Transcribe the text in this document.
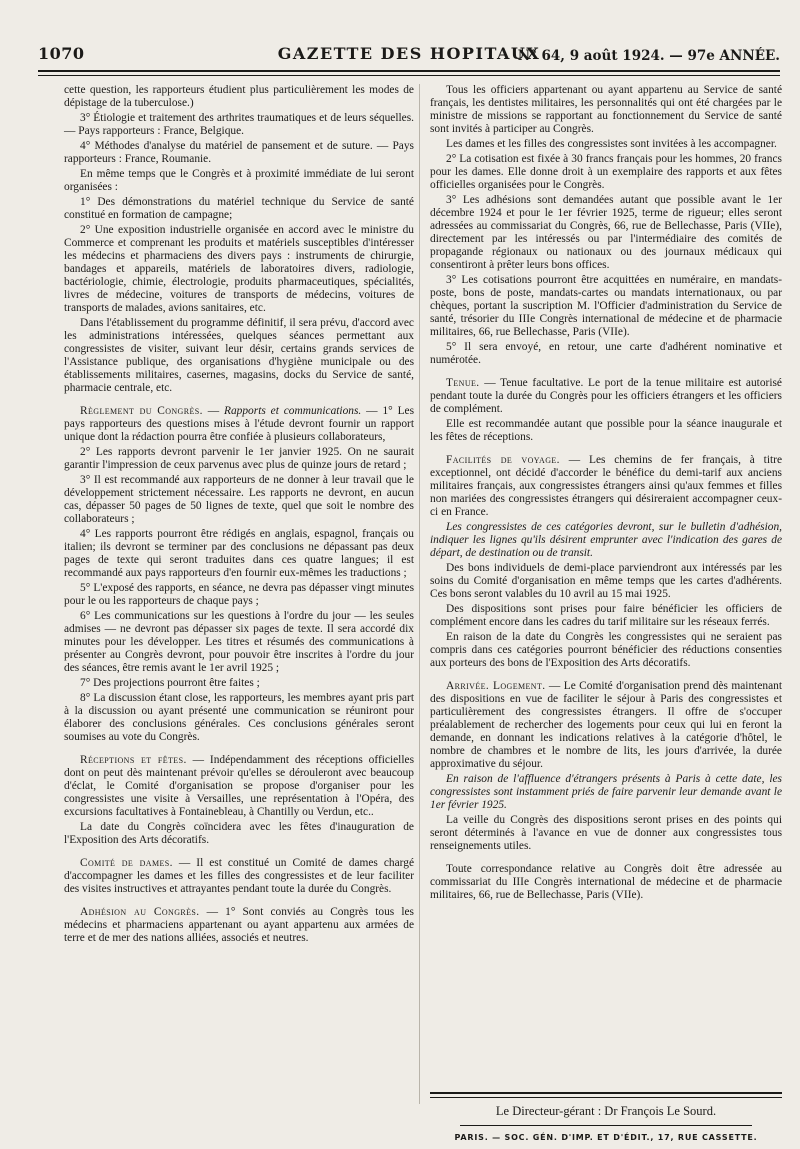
1070	GAZETTE DES HOPITAUX
N° 64, 9 août 1924. — 97e ANNÉE.

cette question, les rapporteurs étudient plus particulièrement les modes de dépistage de la tuberculose.)

3° Étiologie et traitement des arthrites traumatiques et de leurs séquelles. — Pays rapporteurs : France, Belgique.

4° Méthodes d'analyse du matériel de pansement et de suture. — Pays rapporteurs : France, Roumanie.

En même temps que le Congrès et à proximité immédiate de lui seront organisées :

1° Des démonstrations du matériel technique du Service de santé constitué en formation de campagne;

2° Une exposition industrielle organisée en accord avec le ministre du Commerce et comprenant les produits et matériels susceptibles d'intéresser les médecins et pharmaciens des divers pays : instruments de chirurgie, bandages et appareils, matériels de laboratoires divers, radiologie, bactériologie, chimie, électrologie, produits pharmaceutiques, spécialités, livres de médecine, voitures de transports de médecins, voitures de transports de malades, avions sanitaires, etc.

Dans l'établissement du programme définitif, il sera prévu, d'accord avec les administrations intéressées, quelques séances permettant aux congressistes de visiter, suivant leur désir, certains grands services de l'Assistance publique, des organisations d'hygiène municipale ou des établissements militaires, casernes, magasins, docks du Service de santé, pharmacie centrale, etc.

Règlement du Congrès. — Rapports et communications. — 1° Les pays rapporteurs des questions mises à l'étude devront fournir un rapport unique dont la rédaction pourra être confiée à plusieurs collaborateurs,

2° Les rapports devront parvenir le 1er janvier 1925. On ne saurait garantir l'impression de ceux parvenus avec plus de quinze jours de retard ;

3° Il est recommandé aux rapporteurs de ne donner à leur travail que le développement strictement nécessaire. Les rapports ne devront, en aucun cas, dépasser 50 pages de 50 lignes de texte, quel que soit le nombre des collaborateurs ;

4° Les rapports pourront être rédigés en anglais, espagnol, français ou italien; ils devront se terminer par des conclusions ne dépassant pas deux pages de texte qui seront traduites dans ces quatre langues; il est recommandé aux pays rapporteurs d'en fournir eux-mêmes les traductions ;

5° L'exposé des rapports, en séance, ne devra pas dépasser vingt minutes pour le ou les rapporteurs de chaque pays ;

6° Les communications sur les questions à l'ordre du jour — les seules admises — ne devront pas dépasser six pages de texte. Il sera accordé dix minutes pour les développer. Les titres et résumés des communications à présenter au Congrès devront, pour pouvoir être inscrites à l'ordre du jour des séances, être remis avant le 1er avril 1925 ;

7° Des projections pourront être faites ;

8° La discussion étant close, les rapporteurs, les membres ayant pris part à la discussion ou ayant présenté une communication se réuniront pour élaborer des conclusions générales. Ces conclusions générales seront soumises au vote du Congrès.

Réceptions et fêtes. — Indépendamment des réceptions officielles dont on peut dès maintenant prévoir qu'elles se dérouleront avec beaucoup d'éclat, le Comité d'organisation se propose d'organiser pour les congressistes une visite à Versailles, une représentation à l'Opéra, des excursions facultatives à Fontainebleau, à Chantilly ou Verdun, etc..

La date du Congrès coïncidera avec les fêtes d'inauguration de l'Exposition des Arts décoratifs.

Comité de dames. — Il est constitué un Comité de dames chargé d'accompagner les dames et les filles des congressistes et de leur faciliter des visites instructives et attrayantes pendant toute la durée du Congrès.

Adhésion au Congrès. — 1° Sont conviés au Congrès tous les médecins et pharmaciens appartenant ou ayant appartenu aux armées de terre et de mer des nations alliées, associés et neutres.

Tous les officiers appartenant ou ayant appartenu au Service de santé français, les dentistes militaires, les personnalités qui ont été chargées par le ministre de missions se rapportant au fonctionnement du Service de santé sont invités à participer au Congrès.

Les dames et les filles des congressistes sont invitées à les accompagner.

2° La cotisation est fixée à 30 francs français pour les hommes, 20 francs pour les dames. Elle donne droit à un exemplaire des rapports et aux fêtes officielles organisées pour le Congrès.

3° Les adhésions sont demandées autant que possible avant le 1er décembre 1924 et pour le 1er février 1925, terme de rigueur; elles seront adressées au commissariat du Congrès, 66, rue de Bellechasse, Paris (VIIe), directement par les intéressés ou par l'intermédiaire des comités de propagande régionaux ou nationaux ou des journaux médicaux qui consentiront à prêter leurs bons offices.

3° Les cotisations pourront être acquittées en numéraire, en mandats-poste, bons de poste, mandats-cartes ou mandats internationaux, ou par chèques, portant la suscription M. l'Officier d'administration du Service de santé, trésorier du IIIe Congrès international de médecine et de pharmacie militaires, 66, rue Bellechasse, Paris (VIIe).

5° Il sera envoyé, en retour, une carte d'adhérent nominative et numérotée.

Tenue. — Tenue facultative. Le port de la tenue militaire est autorisé pendant toute la durée du Congrès pour les officiers étrangers et les officiers de complément.

Elle est recommandée autant que possible pour la séance inaugurale et les fêtes de réceptions.

Facilités de voyage. — Les chemins de fer français, à titre exceptionnel, ont décidé d'accorder le bénéfice du demi-tarif aux anciens militaires français, aux congressistes étrangers ainsi qu'aux femmes et filles non mariées des congressistes étrangers qui désireraient accompagner ceux-ci en France.

Les congressistes de ces catégories devront, sur le bulletin d'adhésion, indiquer les lignes qu'ils désirent emprunter avec l'indication des gares de départ, de destination ou de transit.

Des bons individuels de demi-place parviendront aux intéressés par les soins du Comité d'organisation en même temps que les cartes d'adhérents. Ces bons seront valables du 10 avril au 15 mai 1925.

Des dispositions sont prises pour faire bénéficier les officiers de complément encore dans les cadres du tarif militaire sur les réseaux ferrés.

En raison de la date du Congrès les congressistes qui ne seraient pas compris dans ces catégories pourront bénéficier des réductions consenties aux porteurs des bons de l'Exposition des Arts décoratifs.

Arrivée. Logement. — Le Comité d'organisation prend dès maintenant des dispositions en vue de faciliter le séjour à Paris des congressistes et particulièrement des congressistes étrangers. Il offre de s'occuper préalablement de rechercher des logements pour ceux qui lui en feront la demande, en donnant les indications relatives à la catégorie d'hôtel, le nombre de chambres et le nombre de lits, les jours d'arrivée, la durée approximative du séjour.

En raison de l'affluence d'étrangers présents à Paris à cette date, les congressistes sont instamment priés de faire parvenir leur demande avant le 1er février 1925.

La veille du Congrès des dispositions seront prises en des points qui seront déterminés à l'avance en vue de donner aux congressistes tous renseignements utiles.

Toute correspondance relative au Congrès doit être adressée au commissariat du IIIe Congrès international de médecine et de pharmacie militaires, 66, rue de Bellechasse, Paris (VIIe).

Le Directeur-gérant : Dr François Le Sourd.
PARIS. — SOC. GÉN. D'IMP. ET D'ÉDIT., 17, RUE CASSETTE.
